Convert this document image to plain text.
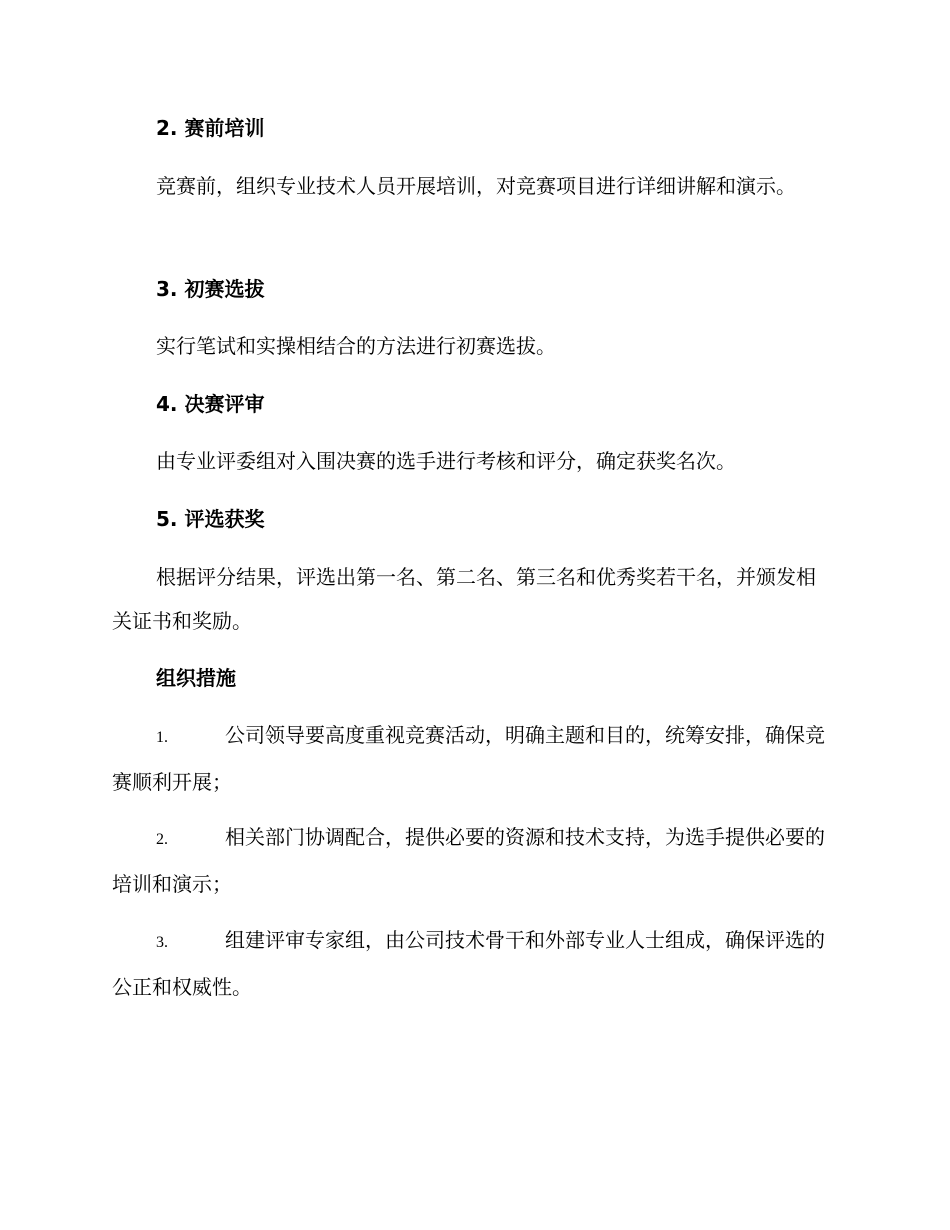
2. 赛前培训

竞赛前，组织专业技术人员开展培训，对竞赛项目进行详细讲解和演示。

3. 初赛选拔

实行笔试和实操相结合的方法进行初赛选拔。

4. 决赛评审

由专业评委组对入围决赛的选手进行考核和评分，确定获奖名次。

5. 评选获奖

根据评分结果，评选出第一名、第二名、第三名和优秀奖若干名，并颁发相关证书和奖励。

组织措施

1.	公司领导要高度重视竞赛活动，明确主题和目的，统筹安排，确保竞赛顺利开展；

2.	相关部门协调配合，提供必要的资源和技术支持，为选手提供必要的培训和演示；

3.	组建评审专家组，由公司技术骨干和外部专业人士组成，确保评选的公正和权威性。
